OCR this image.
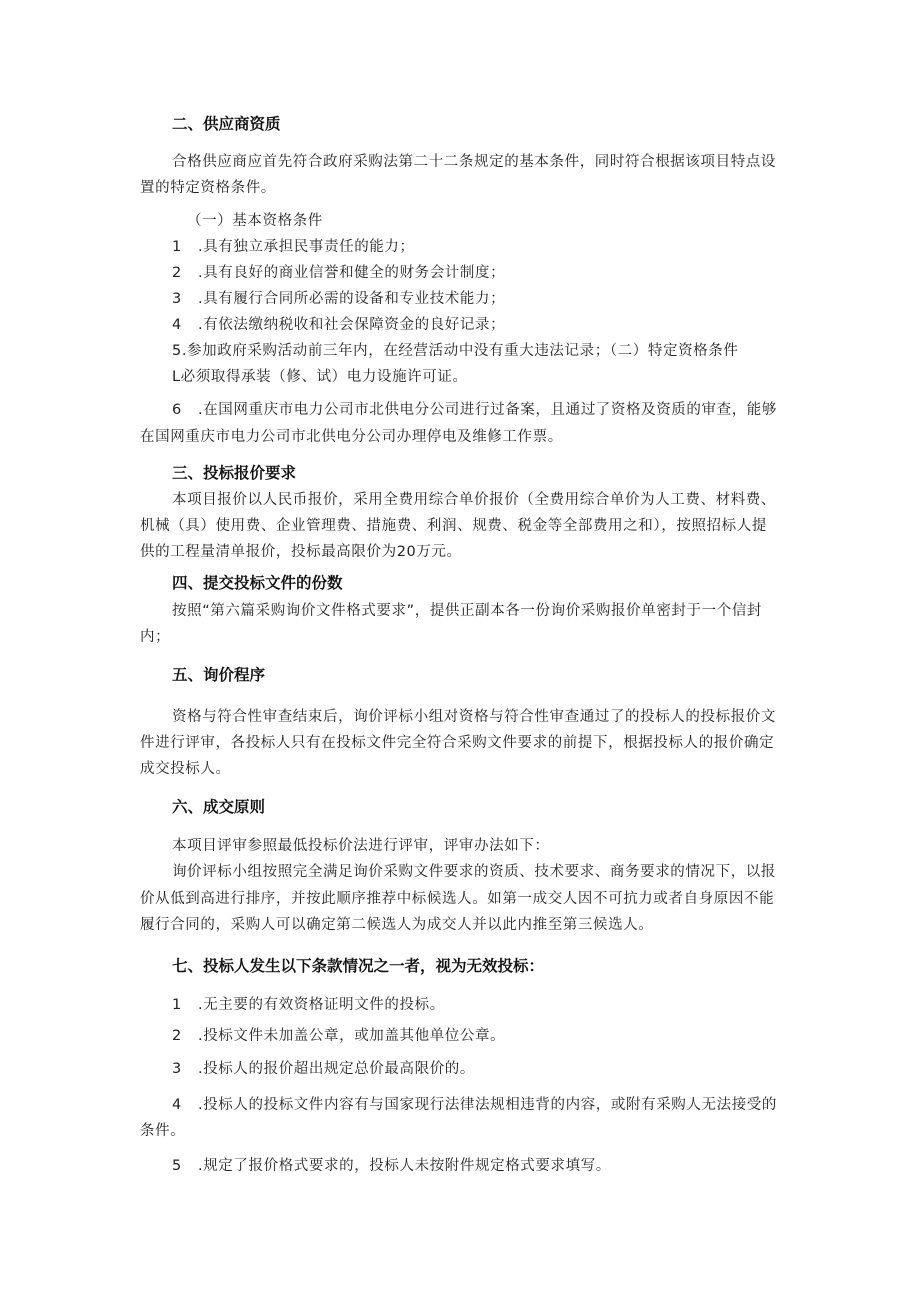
二、供应商资质
合格供应商应首先符合政府采购法第二十二条规定的基本条件，同时符合根据该项目特点设
置的特定资格条件。
（一）基本资格条件
1 .具有独立承担民事责任的能力；
2 .具有良好的商业信誉和健全的财务会计制度；
3 .具有履行合同所必需的设备和专业技术能力；
4 .有依法缴纳税收和社会保障资金的良好记录；
5.参加政府采购活动前三年内，在经营活动中没有重大违法记录；（二）特定资格条件
L必须取得承装（修、试）电力设施许可证。
6 .在国网重庆市电力公司市北供电分公司进行过备案，且通过了资格及资质的审查，能够
在国网重庆市电力公司市北供电分公司办理停电及维修工作票。
三、投标报价要求
本项目报价以人民币报价，采用全费用综合单价报价（全费用综合单价为人工费、材料费、
机械（具）使用费、企业管理费、措施费、利润、规费、税金等全部费用之和），按照招标人提
供的工程量清单报价，投标最高限价为20万元。
四、提交投标文件的份数
按照“第六篇采购询价文件格式要求”，提供正副本各一份询价采购报价单密封于一个信封
内；
五、询价程序
资格与符合性审查结束后，询价评标小组对资格与符合性审查通过了的投标人的投标报价文
件进行评审，各投标人只有在投标文件完全符合采购文件要求的前提下，根据投标人的报价确定
成交投标人。
六、成交原则
本项目评审参照最低投标价法进行评审，评审办法如下：
询价评标小组按照完全满足询价采购文件要求的资质、技术要求、商务要求的情况下，以报
价从低到高进行排序，并按此顺序推荐中标候选人。如第一成交人因不可抗力或者自身原因不能
履行合同的，采购人可以确定第二候选人为成交人并以此内推至第三候选人。
七、投标人发生以下条款情况之一者，视为无效投标：
1 .无主要的有效资格证明文件的投标。
2 .投标文件未加盖公章，或加盖其他单位公章。
3 .投标人的报价超出规定总价最高限价的。
4 .投标人的投标文件内容有与国家现行法律法规相违背的内容，或附有采购人无法接受的
条件。
5 .规定了报价格式要求的，投标人未按附件规定格式要求填写。
